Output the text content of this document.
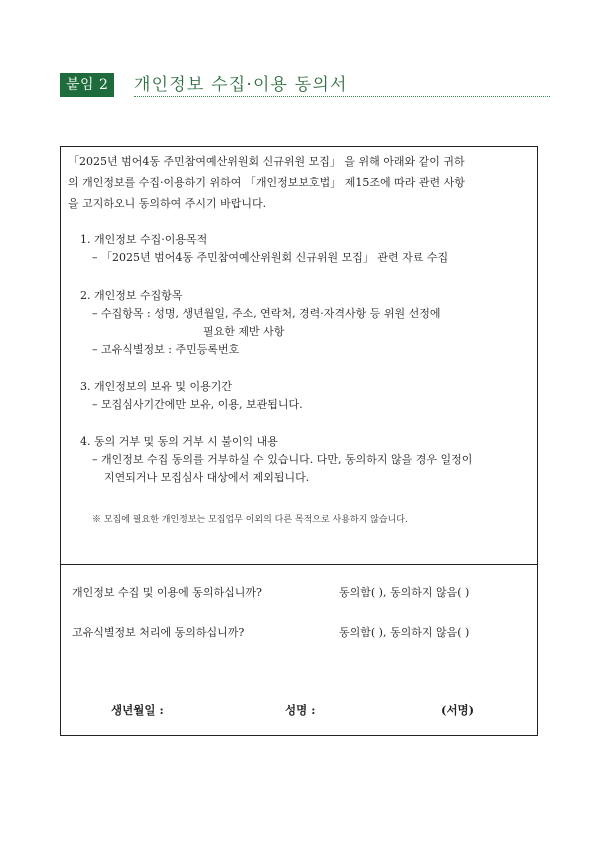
붙임 2	개인정보 수집·이용 동의서
「2025년 범어4동 주민참여예산위원회 신규위원 모집」 을 위해 아래와 같이 귀하
의 개인정보를 수집·이용하기 위하여 「개인정보보호법」 제15조에 따라 관련 사항
을 고지하오니 동의하여 주시기 바랍니다.
1. 개인정보 수집·이용목적
– 「2025년 범어4동 주민참여예산위원회 신규위원 모집」 관련 자료 수집
2. 개인정보 수집항목
– 수집항목 : 성명, 생년월일, 주소, 연락처, 경력·자격사항 등 위원 선정에
필요한 제반 사항
– 고유식별정보 : 주민등록번호
3. 개인정보의 보유 및 이용기간
– 모집심사기간에만 보유, 이용, 보관됩니다.
4. 동의 거부 및 동의 거부 시 불이익 내용
– 개인정보 수집 동의를 거부하실 수 있습니다. 다만, 동의하지 않을 경우 일정이
지연되거나 모집심사 대상에서 제외됩니다.
※ 모집에 필요한 개인정보는 모집업무 이외의 다른 목적으로 사용하지 않습니다.
개인정보 수집 및 이용에 동의하십니까?	동의함( ), 동의하지 않음( )
고유식별정보 처리에 동의하십니까?	동의함( ), 동의하지 않음( )
생년월일 :	성명 :	(서명)
